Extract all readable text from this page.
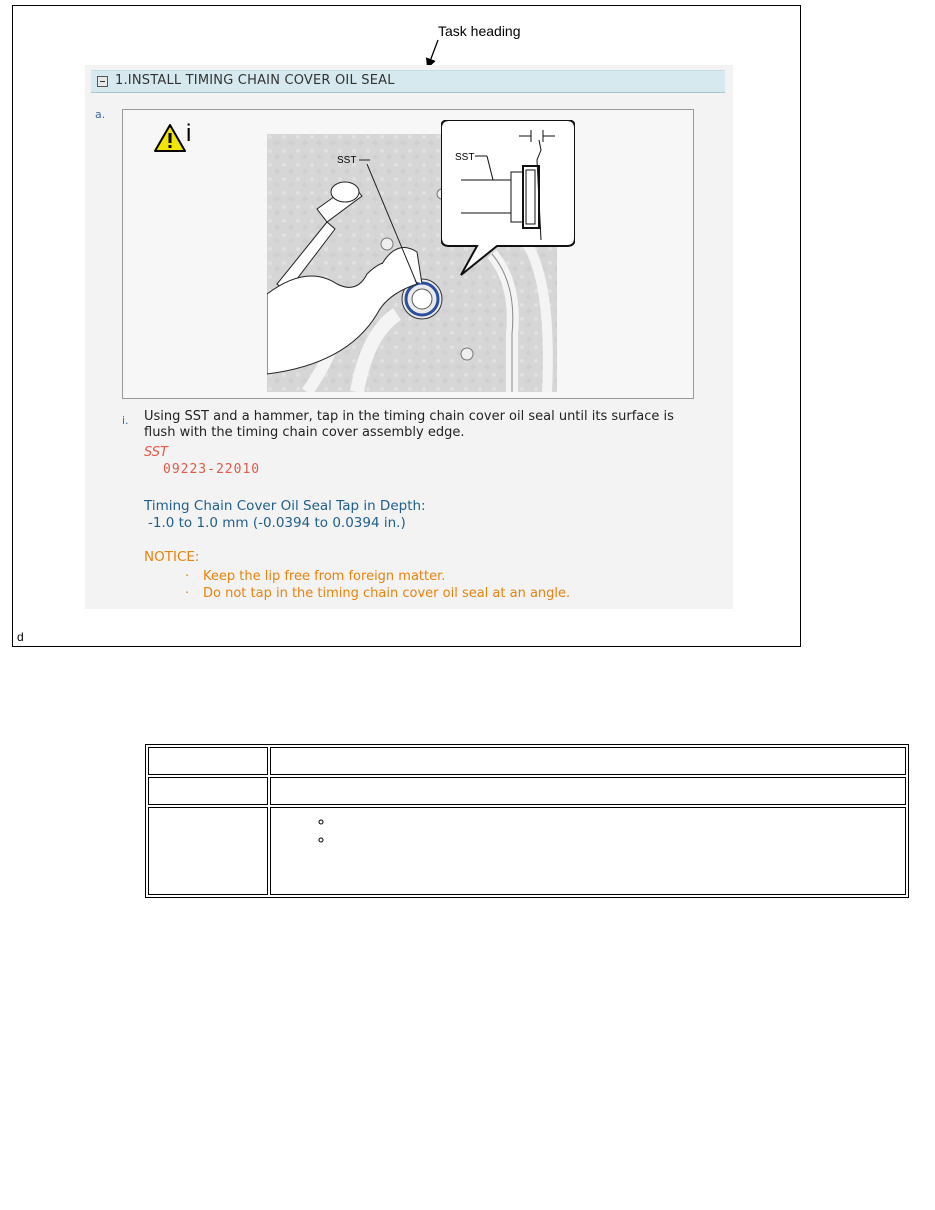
Task heading
d
1.INSTALL TIMING CHAIN COVER OIL SEAL
a.
i
SST	SST
i. Using SST and a hammer, tap in the timing chain cover oil seal until its surface is flush with the timing chain cover assembly edge.
SST
09223-22010
Timing Chain Cover Oil Seal Tap in Depth:
-1.0 to 1.0 mm (-0.0394 to 0.0394 in.)
NOTICE:
· Keep the lip free from foreign matter.
· Do not tap in the timing chain cover oil seal at an angle.

◦
◦
